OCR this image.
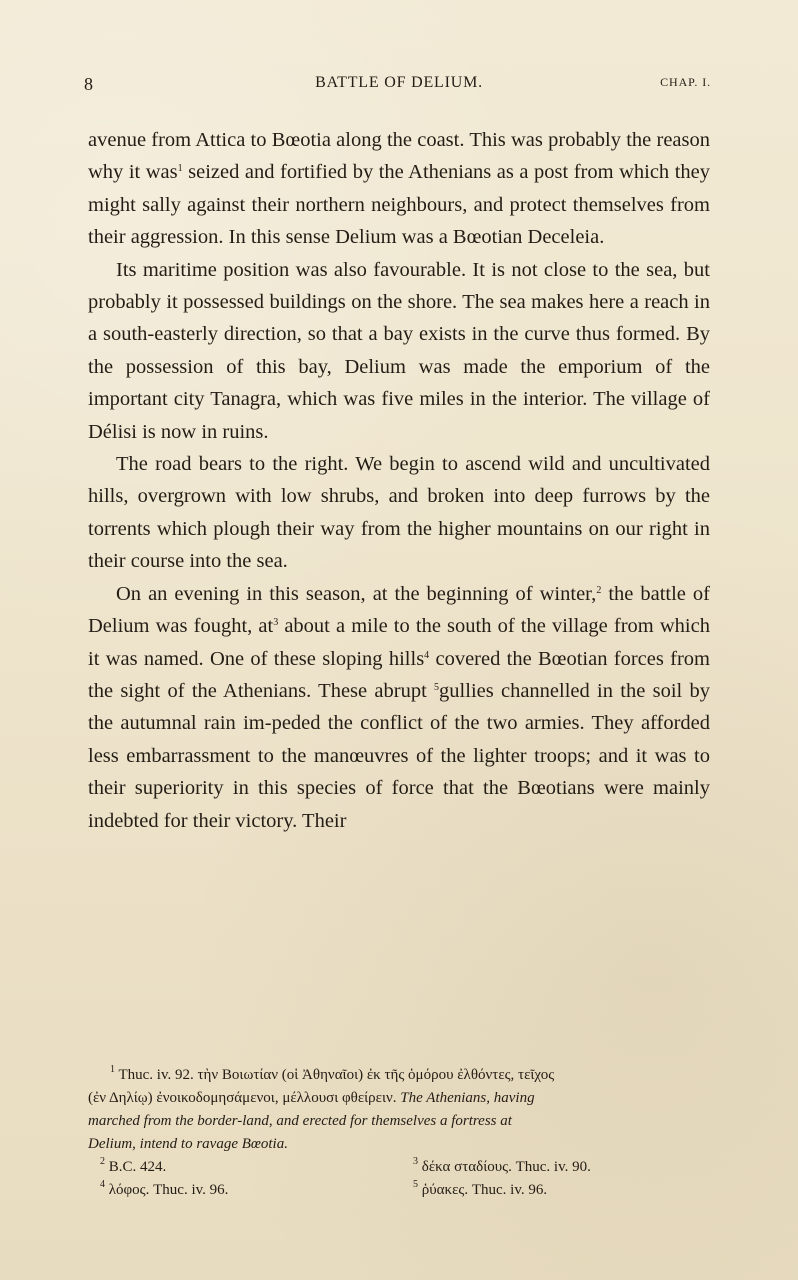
8	BATTLE OF DELIUM.	CHAP. I.

avenue from Attica to Bœotia along the coast. This was probably the reason why it was$^1$ seized and fortified by the Athenians as a post from which they might sally against their northern neighbours, and protect themselves from their aggression. In this sense Delium was a Bœotian Deceleia.

Its maritime position was also favourable. It is not close to the sea, but probably it possessed buildings on the shore. The sea makes here a reach in a south-easterly direction, so that a bay exists in the curve thus formed. By the possession of this bay, Delium was made the emporium of the important city Tanagra, which was five miles in the interior. The village of Délisi is now in ruins.

The road bears to the right. We begin to ascend wild and uncultivated hills, overgrown with low shrubs, and broken into deep furrows by the torrents which plough their way from the higher mountains on our right in their course into the sea.

On an evening in this season, at the beginning of winter,$^2$ the battle of Delium was fought, $at^3$ about a mile to the south of the village from which it was named. One of these sloping hills$^4$ covered the Bœotian forces from the sight of the Athenians. These abrupt $^5$gullies channelled in the soil by the autumnal rain im-peded the conflict of the two armies. They afforded less embarrassment to the manœuvres of the lighter troops; and it was to their superiority in this species of force that the Bœotians were mainly indebted for their victory. Their

$^1$ Thuc. iv. 92. τὴν Βοιωτίαν (οἱ Ἀθηναῖοι) ἐκ τῆς ὁμόρου ἐλθόντες, τεῖχος
(ἐν Δηλίῳ) ἐνοικοδομησάμενοι, μέλλουσι φθείρειν. The Athenians, having
marched from the border-land, and erected for themselves a fortress at
Delium, intend to ravage Bœotia.
$^2$ B.C. 424.	$^3$ δέκα σταδίους. Thuc. iv. 90.
$^4$ λόφος. Thuc. iv. 96.	$^5$ ῥύακες. Thuc. iv. 96.
